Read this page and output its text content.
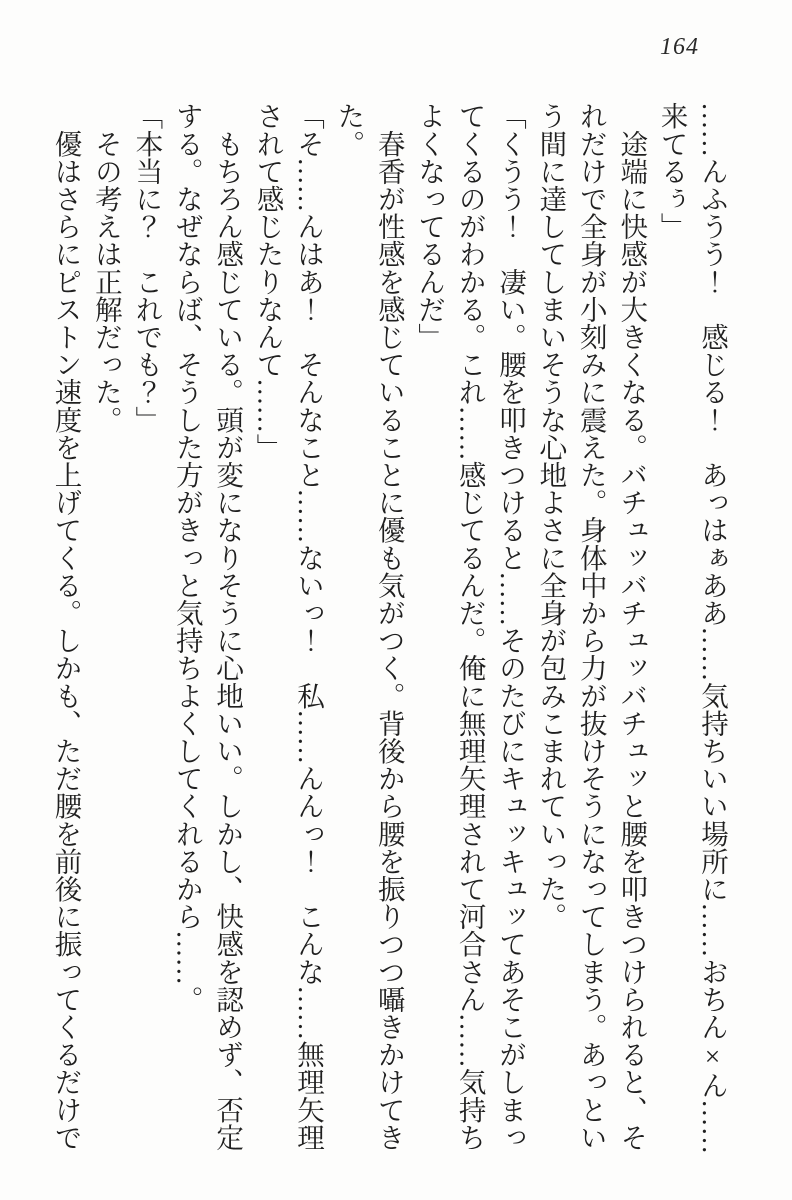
164
……んふうう！　感じる！　あっはぁああ……気持ちいい場所に……おちん×ん……
来てるぅ」
　途端に快感が大きくなる。バチュッバチュッバチュッと腰を叩きつけられると、そ
れだけで全身が小刻みに震えた。身体中から力が抜けそうになってしまう。あっとい
う間に達してしまいそうな心地よさに全身が包みこまれていった。
「くうう！　凄い。腰を叩きつけると……そのたびにキュッキュッてあそこがしまっ
てくるのがわかる。これ……感じてるんだ。俺に無理矢理されて河合さん……気持ち
よくなってるんだ」
　春香が性感を感じていることに優も気がつく。背後から腰を振りつつ囁きかけてき
た。
「そ……んはあ！　そんなこと……ないっ！　私……んんっ！　こんな……無理矢理
されて感じたりなんて……」
　もちろん感じている。頭が変になりそうに心地いい。しかし、快感を認めず、否定
する。なぜならば、そうした方がきっと気持ちよくしてくれるから……。
「本当に？　これでも？」
　その考えは正解だった。
　優はさらにピストン速度を上げてくる。しかも、ただ腰を前後に振ってくるだけで
